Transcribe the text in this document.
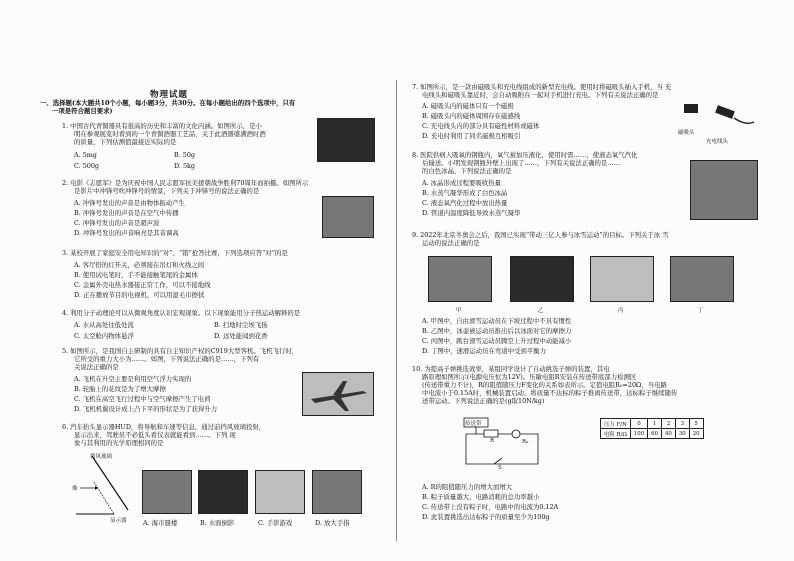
物理试题
一、选择题(本大题共10个小题，每小题3分，共30分。在每小题给出的四个选项中，只有
一项是符合题目要求)
1. 中国古代青铜器具有很高的历史和丰富的文化内涵。如图所示，是小
明在参观展览时看到的一个青铜酒器工艺品，关于此酒器盛满酒时酒
的质量，下列估测值最接近实际的是
A. 5mg	B. 50g
C. 500g	D. 5kg
2. 电影《志愿军》是为庆祝中国人民志愿军抗美援朝战争胜利70周年而拍摄。如图所示
是影片中冲锋号吹冲锋号的情景，下列关于冲锋号的说法正确的是
A. 冲锋号发出的声音是由物体振动产生
B. 冲锋号发出的声音是在空气中传播
C. 冲锋号发出的声音是超声波
D. 冲锋号发出的声音响亮是其音调高
3. 某校开展了家庭安全用电知识的“对”、“错”抢答比赛，下列选项应答“对”的是
A. 客厅搭的灯开关，必须接在吊灯和火线之间
B. 使用试电笔时，手不能接触笔尾的金属体
C. 金属外壳电热水器接正常工作，可以不接地线
D. 正在播放节目的电视机，可以用湿毛巾擦拭
4. 利用分子动理论可以从微观角度认识宏观现象。以下现象能用分子热运动解释的是
A. 水从高处往低处流	B. 扫地时尘埃飞扬
C. 太空舱内物体悬浮	D. 远处能闻到花香
5. 如图所示，是我国自主研制的具有自主知识产权的C919大型客机。飞机飞行时，
它所受的重力大小为……。如图，下列说法正确的是……，下列有
关说法正确的是
A. 飞机在升空主要是利用空气浮力实现的
B. 轮胎上的花纹是为了增大摩擦
C. 飞机在高空飞行过程中与空气摩擦产生了电荷
D. 飞机机翼设计成上凸下平的形状是为了获得升力
6. 汽车抬头显示器HUD，将导航和车速等信息，通过前挡风玻璃投射，
显示出来，驾驶员不必低头看仪表就能看到……。下列 现
象与其利用的光学原理相同的是
挡风玻璃
像
显示器	A. 海市蜃楼	B. 水面倒影	C. 手影游戏	D. 放大手指
7. 如图所示，是一款由磁吸头和充电线组成的新型充电线。使用时将磁吸头插入手机，当 充
电线头和磁吸头靠近时，会自动吸附在一起对手机进行充电。下列有关说法正确的是
A. 磁吸头内的磁体只有一个磁极
B. 磁吸头内的磁体周围存在磁感线
C. 充电线头内的部分具有磁性材料或磁体
D. 充电时利用了同名磁极互相吸引	磁吸头
充电线头
8. 医院供病人吸氧的钢瓶内，氧气被加压液化，使用时需……，使液态氧气汽化
后输送。小明发现钢瓶外壁上出现了……，下列有关说法正确的是……
的白色冰晶，下列说法正确的是
A. 冰晶形成过程要吸收热量
B. 水蒸气凝华形成了白色冰晶
C. 液态氧汽化过程中放出热量
D. 管道内温度降低导致水蒸气凝华
9. 2022年北京冬奥会之后，我国已实现“带动三亿人参与冰雪运动”的目标。下列关于冰 雪
运动的说法正确的是
甲	乙	丙	丁
A. 甲图中，自由滑雪运动员在下坡过程中不具有惯性
B. 乙图中，冰壶被运动员推出后以冰面对它的摩擦力
C. 丙图中，跳台滑雪运动员腾空上升过程中动能减小
D. 丁图中，速滑运动员在弯道中受到平衡力
10. 为提高子弹挑选效率，某组同学设计了自动挑选子弹的装置，其电
路原理如图所示(电源电压恒为12V)。压敏电阻R安装在传送带底部力检测区
(传送带重力不计)，R的阻值随压力F变化的关系如表所示。定值电阻R₀=20Ω，当电路
中电流小于0.15A时，机械装置启动，将质量不达标的粽子推离传送带，达标粽子继续随传
送带运动。下列说法正确的是(g取10N/kg)
传送带
R	R₀
S
压力 F/N	0	1	2	3	5
电阻 R/Ω	100	60	40	30	20
A. R的阻值随压力的增大而增大
B. 粽子质量越大，电路消耗的总功率越小
C. 传送带上没有粽子时，电路中的电流为0.12A
D. 此装置挑选出达标粽子的质量至少为100g
